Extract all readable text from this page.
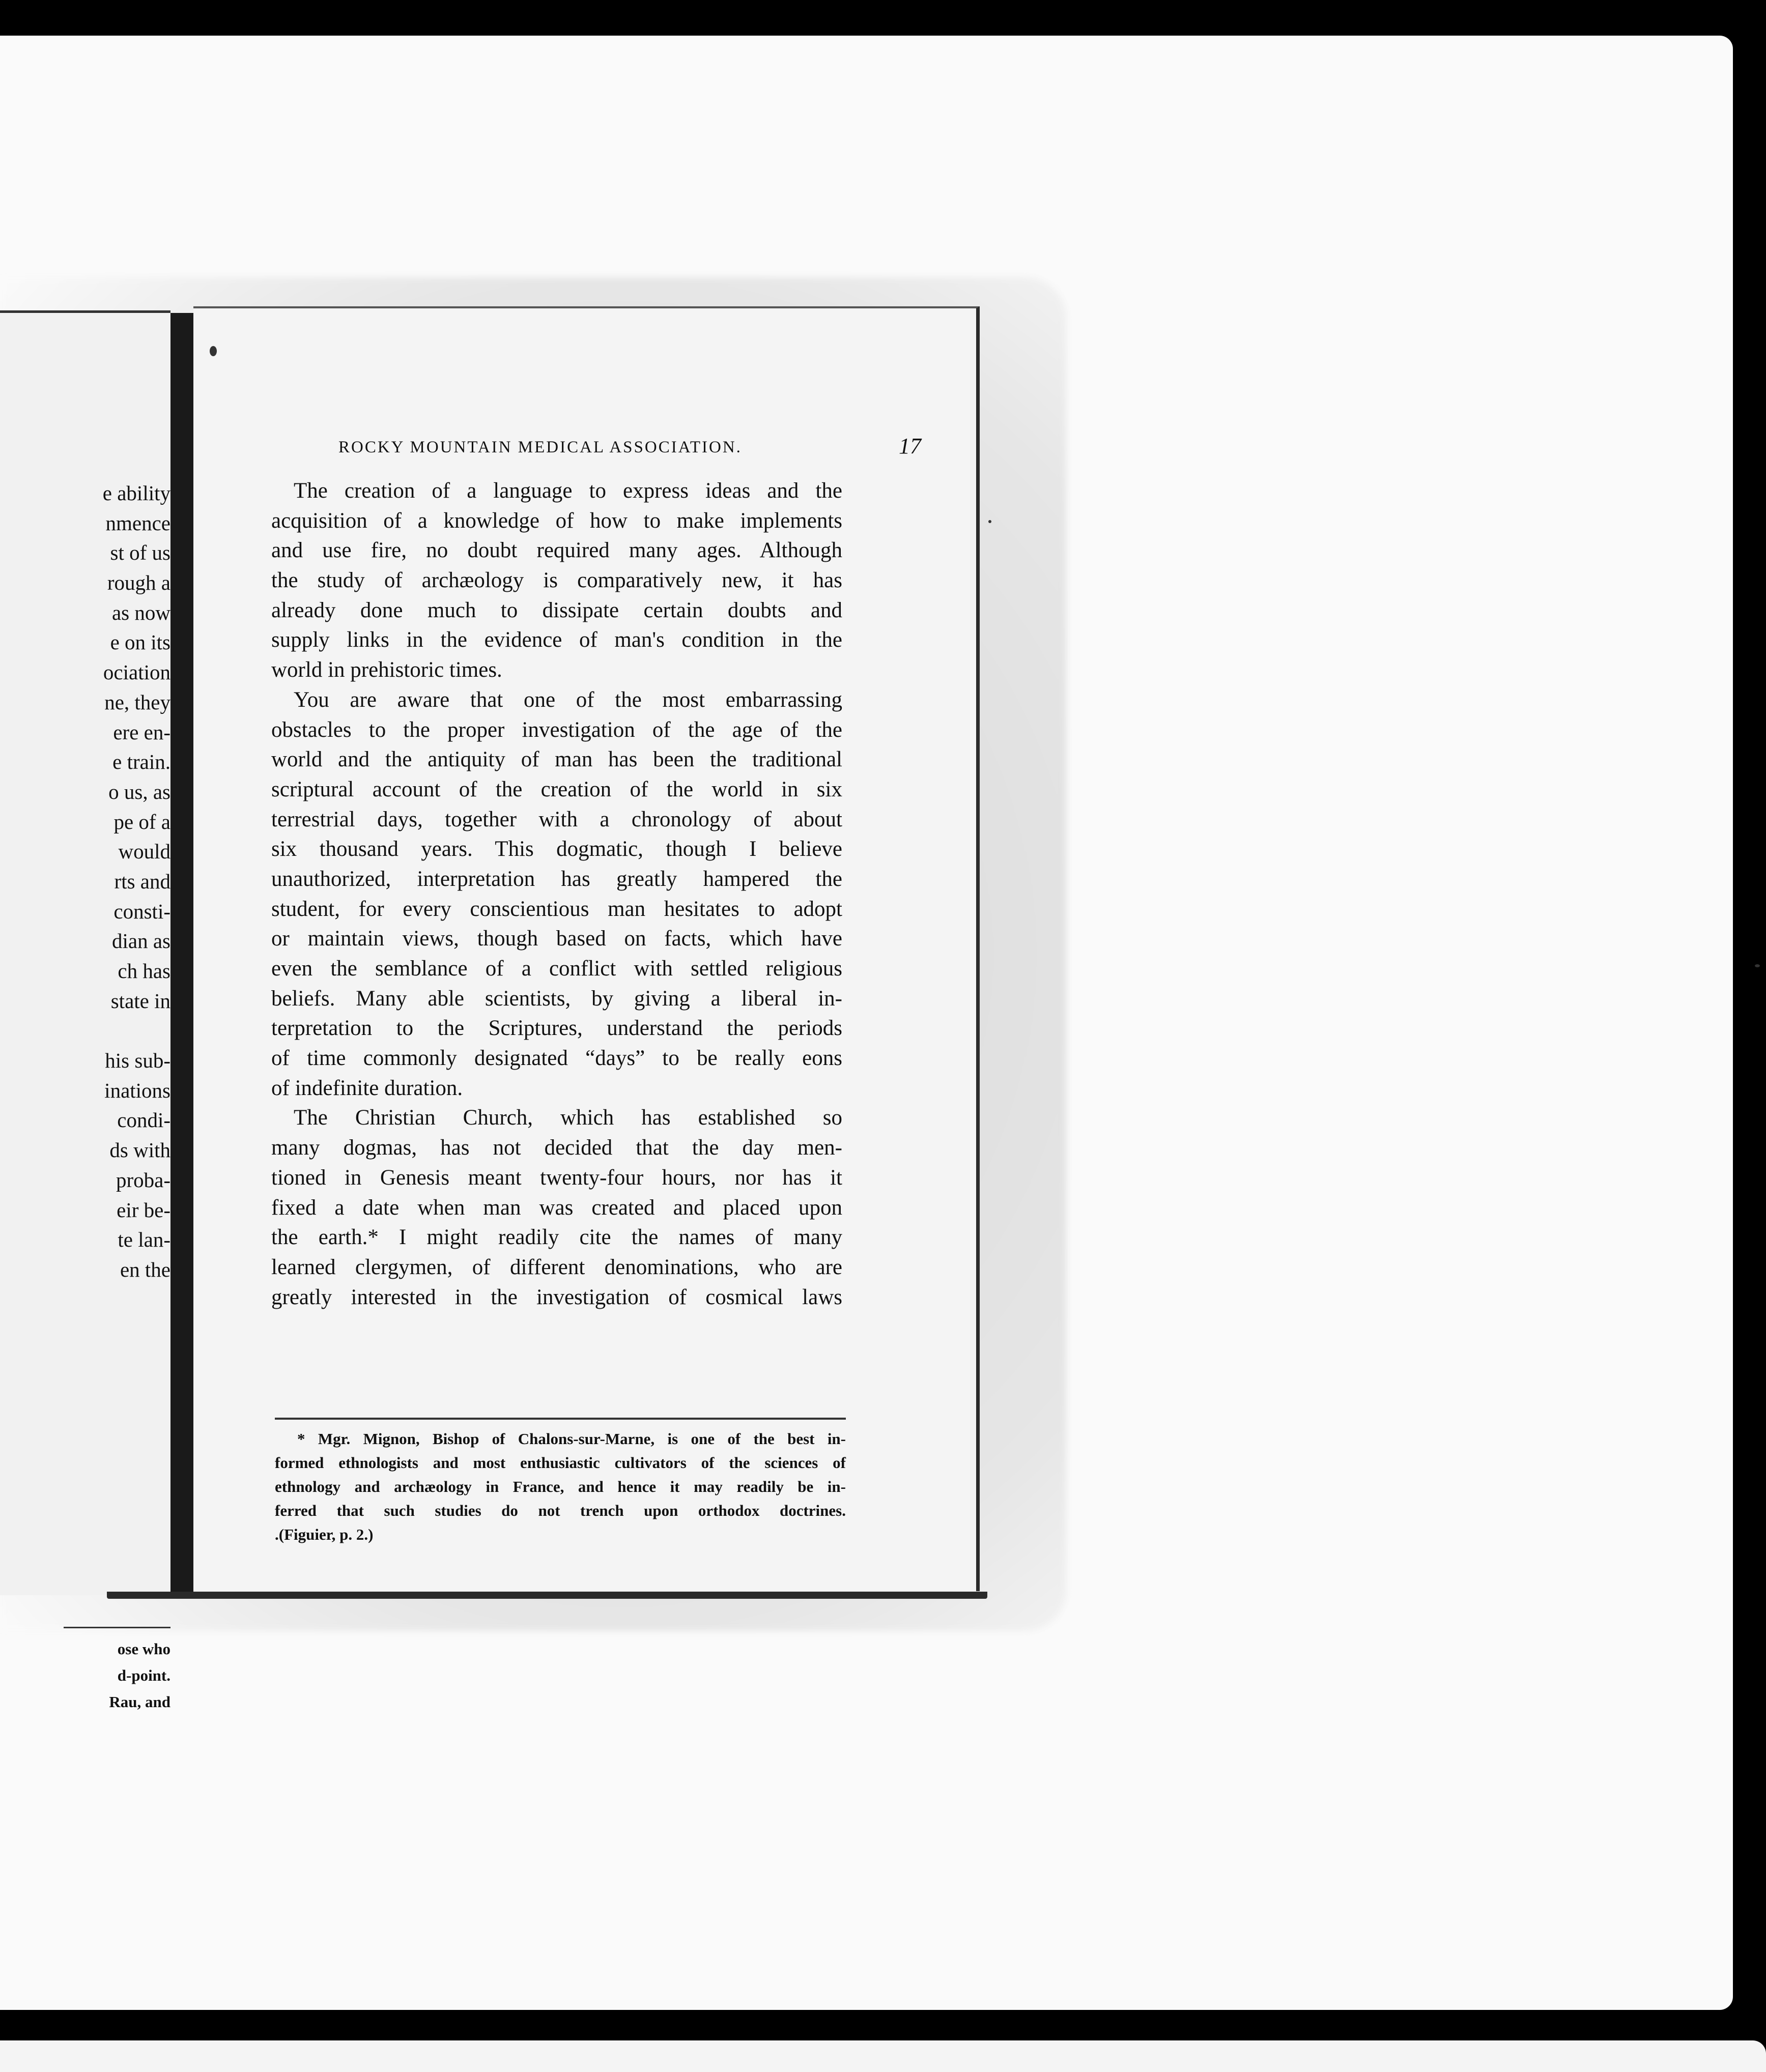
e ability
nmence
st of us
rough a
as now
e on its
ociation
ne, they
ere en-
e train.
o us, as
pe of a
would
rts and
consti-
dian as
ch has
state in
his sub-
inations
condi-
ds with
proba-
eir be-
te lan-
en the
ose who
d-point.
Rau, and
ROCKY MOUNTAIN MEDICAL ASSOCIATION.	17
The creation of a language to express ideas and the
acquisition of a knowledge of how to make implements
and use fire, no doubt required many ages. Although
the study of archæology is comparatively new, it has
already done much to dissipate certain doubts and
supply links in the evidence of man's condition in the
world in prehistoric times.
You are aware that one of the most embarrassing
obstacles to the proper investigation of the age of the
world and the antiquity of man has been the traditional
scriptural account of the creation of the world in six
terrestrial days, together with a chronology of about
six thousand years. This dogmatic, though I believe
unauthorized, interpretation has greatly hampered the
student, for every conscientious man hesitates to adopt
or maintain views, though based on facts, which have
even the semblance of a conflict with settled religious
beliefs. Many able scientists, by giving a liberal in-
terpretation to the Scriptures, understand the periods
of time commonly designated “days” to be really eons
of indefinite duration.
The Christian Church, which has established so
many dogmas, has not decided that the day men-
tioned in Genesis meant twenty-four hours, nor has it
fixed a date when man was created and placed upon
the earth.* I might readily cite the names of many
learned clergymen, of different denominations, who are
greatly interested in the investigation of cosmical laws
* Mgr. Mignon, Bishop of Chalons-sur-Marne, is one of the best in-
formed ethnologists and most enthusiastic cultivators of the sciences of
ethnology and archæology in France, and hence it may readily be in-
ferred that such studies do not trench upon orthodox doctrines.
.(Figuier, p. 2.)
